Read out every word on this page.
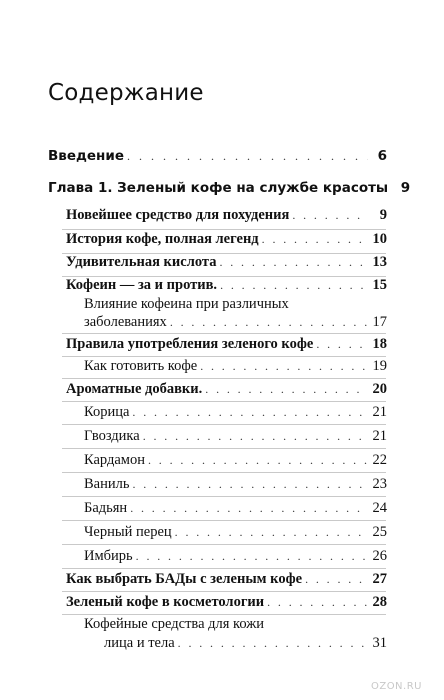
Содержание
Введение . . .	6
Глава 1. Зеленый кофе на службе красоты 9
Новейшее средство для похудения . . .	9
История кофе, полная легенд . . .	10
Удивительная кислота . . .	13
Кофеин — за и против. . . .	15
Влияние кофеина при различных
заболеваниях . . .	17
Правила употребления зеленого кофе . . .	18
Как готовить кофе . . .	19
Ароматные добавки. . . .	20
Корица . . .	21
Гвоздика . . .	21
Кардамон . . .	22
Ваниль . . .	23
Бадьян . . .	24
Черный перец . . .	25
Имбирь . . .	26
Как выбрать БАДы с зеленым кофе . . .	27
Зеленый кофе в косметологии . . .	28
Кофейные средства для кожи
лица и тела . . .	31
OZON.RU
